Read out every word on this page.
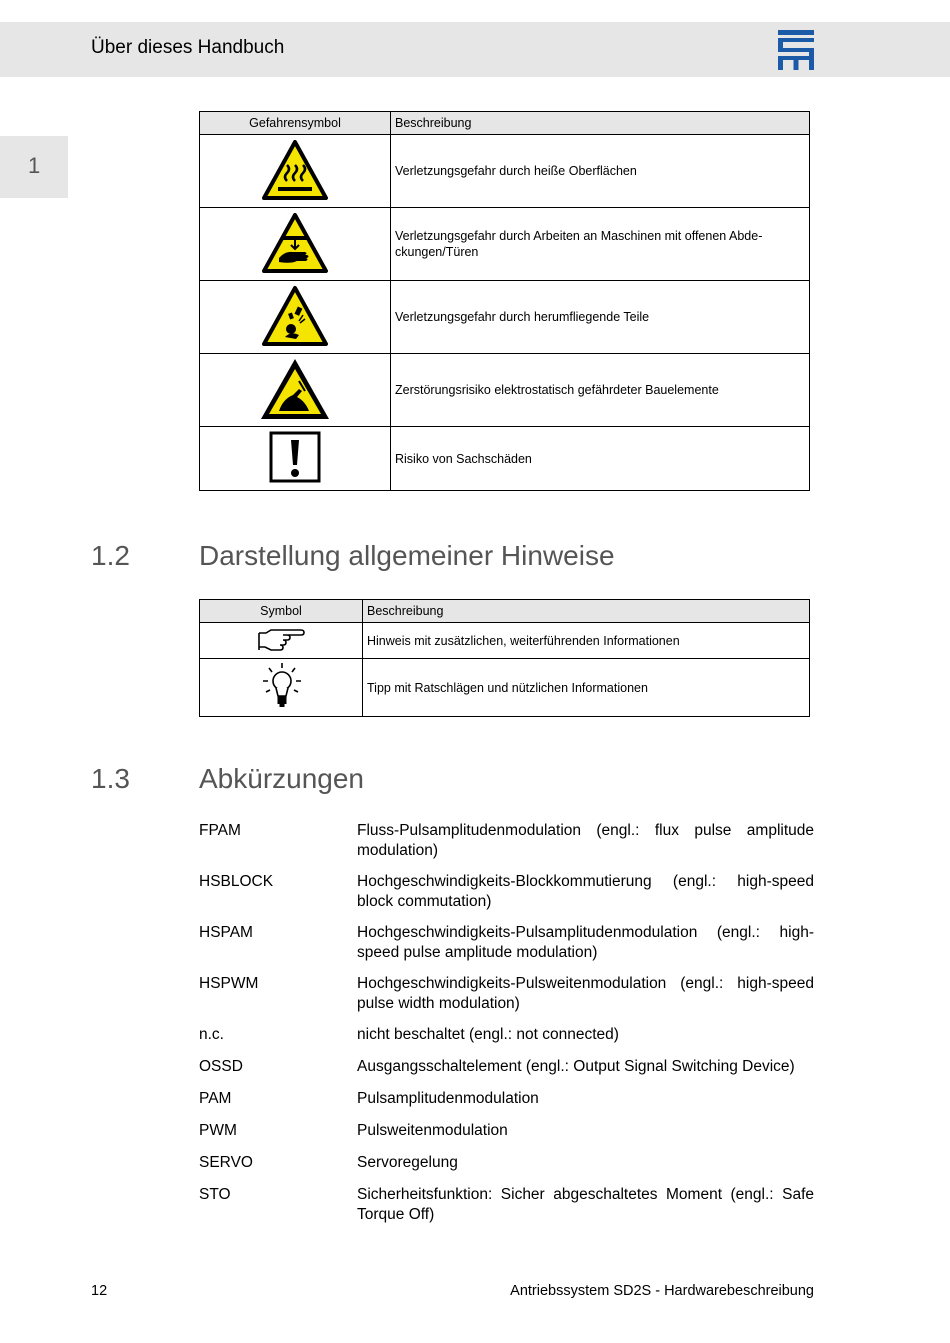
Über dieses Handbuch
1
Gefahrensymbol	Beschreibung
	Verletzungsgefahr durch heiße Oberflächen
	Verletzungsgefahr durch Arbeiten an Maschinen mit offenen Abde-ckungen/Türen
	Verletzungsgefahr durch herumfliegende Teile
	Zerstörungsrisiko elektrostatisch gefährdeter Bauelemente
	Risiko von Sachschäden
1.2 Darstellung allgemeiner Hinweise
Symbol	Beschreibung
	Hinweis mit zusätzlichen, weiterführenden Informationen
	Tipp mit Ratschlägen und nützlichen Informationen
1.3 Abkürzungen
FPAM	Fluss-Pulsamplitudenmodulation (engl.: flux pulse amplitude modulation)
HSBLOCK	Hochgeschwindigkeits-Blockkommutierung (engl.: high-speed block commutation)
HSPAM	Hochgeschwindigkeits-Pulsamplitudenmodulation (engl.: high-speed pulse amplitude modulation)
HSPWM	Hochgeschwindigkeits-Pulsweitenmodulation (engl.: high-speed pulse width modulation)
n.c.	nicht beschaltet (engl.: not connected)
OSSD	Ausgangsschaltelement (engl.: Output Signal Switching Device)
PAM	Pulsamplitudenmodulation
PWM	Pulsweitenmodulation
SERVO	Servoregelung
STO	Sicherheitsfunktion: Sicher abgeschaltetes Moment (engl.: Safe Torque Off)
12	Antriebssystem SD2S - Hardwarebeschreibung
